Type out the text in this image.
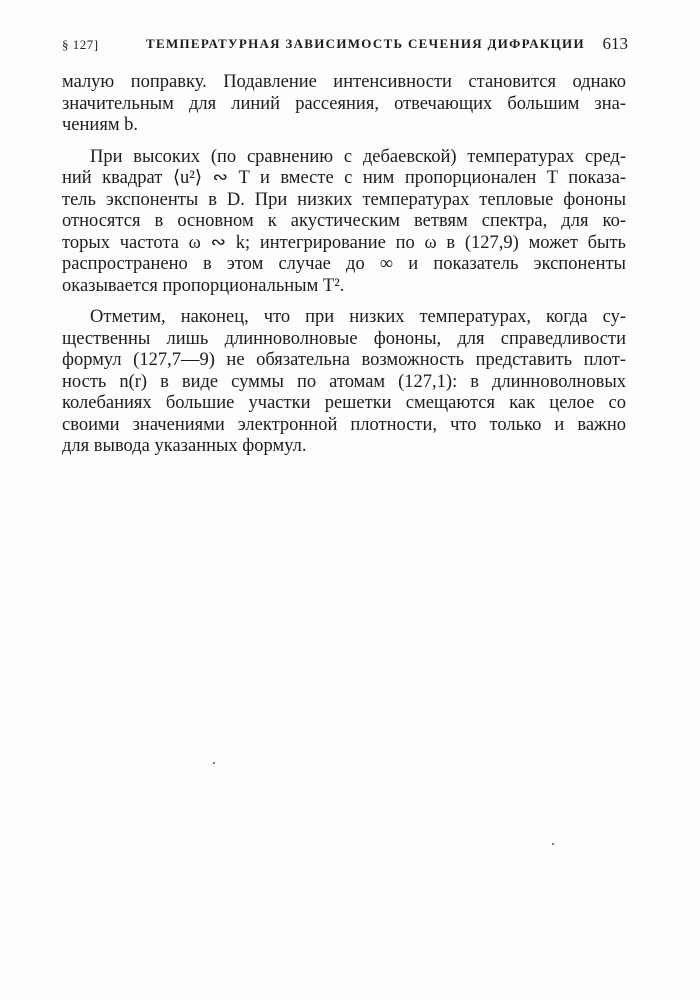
§ 127]	ТЕМПЕРАТУРНАЯ ЗАВИСИМОСТЬ СЕЧЕНИЯ ДИФРАКЦИИ 613
малую поправку. Подавление интенсивности становится однако
значительным для линий рассеяния, отвечающих большим зна-
чениям b.
При высоких (по сравнению с дебаевской) температурах сред-
ний квадрат ⟨u²⟩ ∾ T и вместе с ним пропорционален T показа-
тель экспоненты в D. При низких температурах тепловые фононы
относятся в основном к акустическим ветвям спектра, для ко-
торых частота ω ∾ k; интегрирование по ω в (127,9) может быть
распространено в этом случае до ∞ и показатель экспоненты
оказывается пропорциональным T².
Отметим, наконец, что при низких температурах, когда су-
щественны лишь длинноволновые фононы, для справедливости
формул (127,7—9) не обязательна возможность представить плот-
ность n(r) в виде суммы по атомам (127,1): в длинноволновых
колебаниях большие участки решетки смещаются как целое со
своими значениями электронной плотности, что только и важно
для вывода указанных формул.
